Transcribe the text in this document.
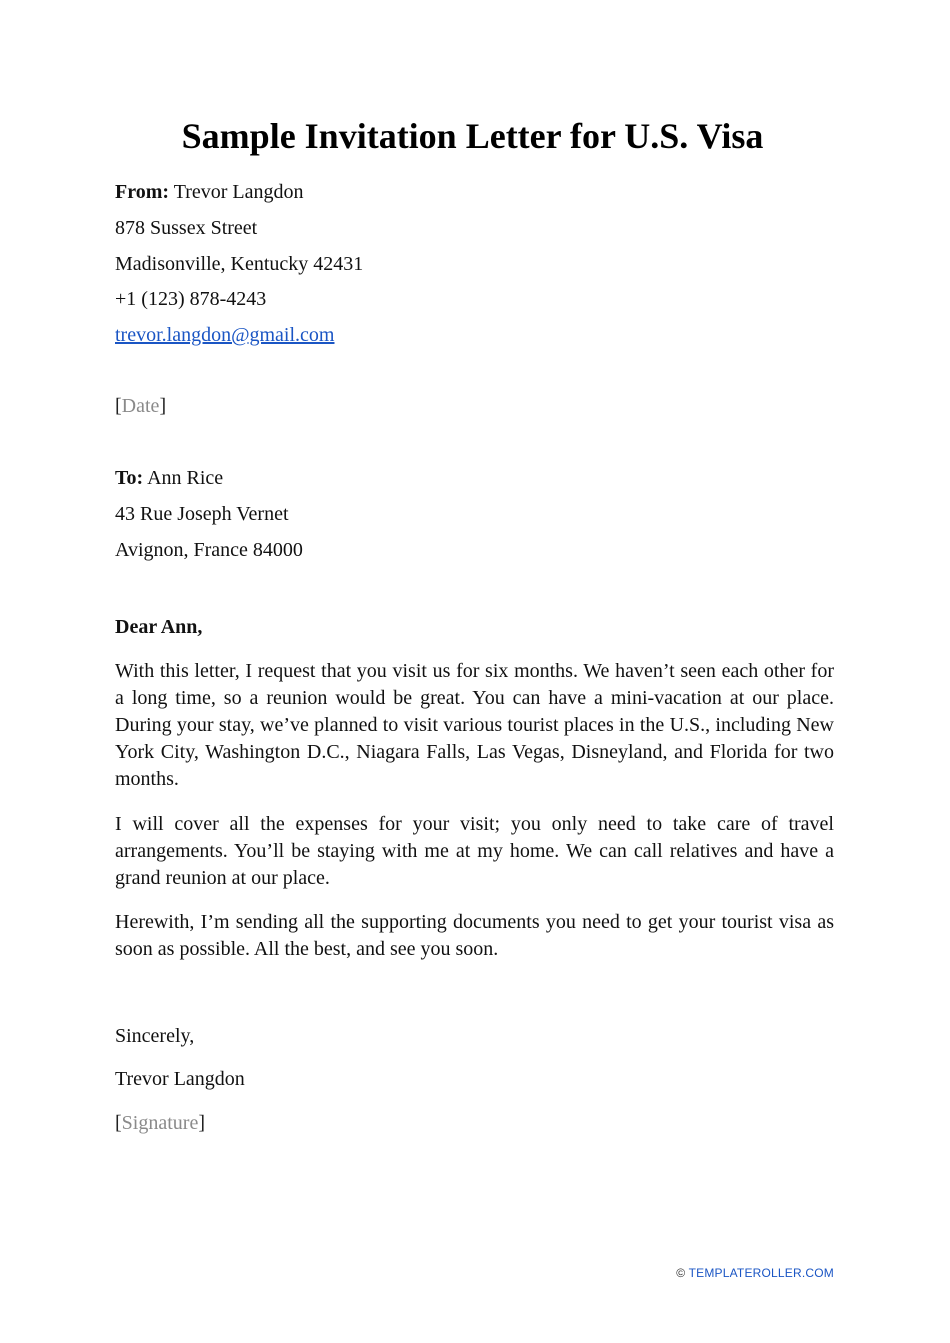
Sample Invitation Letter for U.S. Visa
From: Trevor Langdon
878 Sussex Street
Madisonville, Kentucky 42431
+1 (123) 878-4243
trevor.langdon@gmail.com
[Date]
To: Ann Rice
43 Rue Joseph Vernet
Avignon, France 84000
Dear Ann,
With this letter, I request that you visit us for six months. We haven’t seen each other for a long time, so a reunion would be great. You can have a mini-vacation at our place. During your stay, we’ve planned to visit various tourist places in the U.S., including New York City, Washington D.C., Niagara Falls, Las Vegas, Disneyland, and Florida for two months.
I will cover all the expenses for your visit; you only need to take care of travel arrangements. You’ll be staying with me at my home. We can call relatives and have a grand reunion at our place.
Herewith, I’m sending all the supporting documents you need to get your tourist visa as soon as possible. All the best, and see you soon.
Sincerely,
Trevor Langdon
[Signature]
© TEMPLATEROLLER.COM
